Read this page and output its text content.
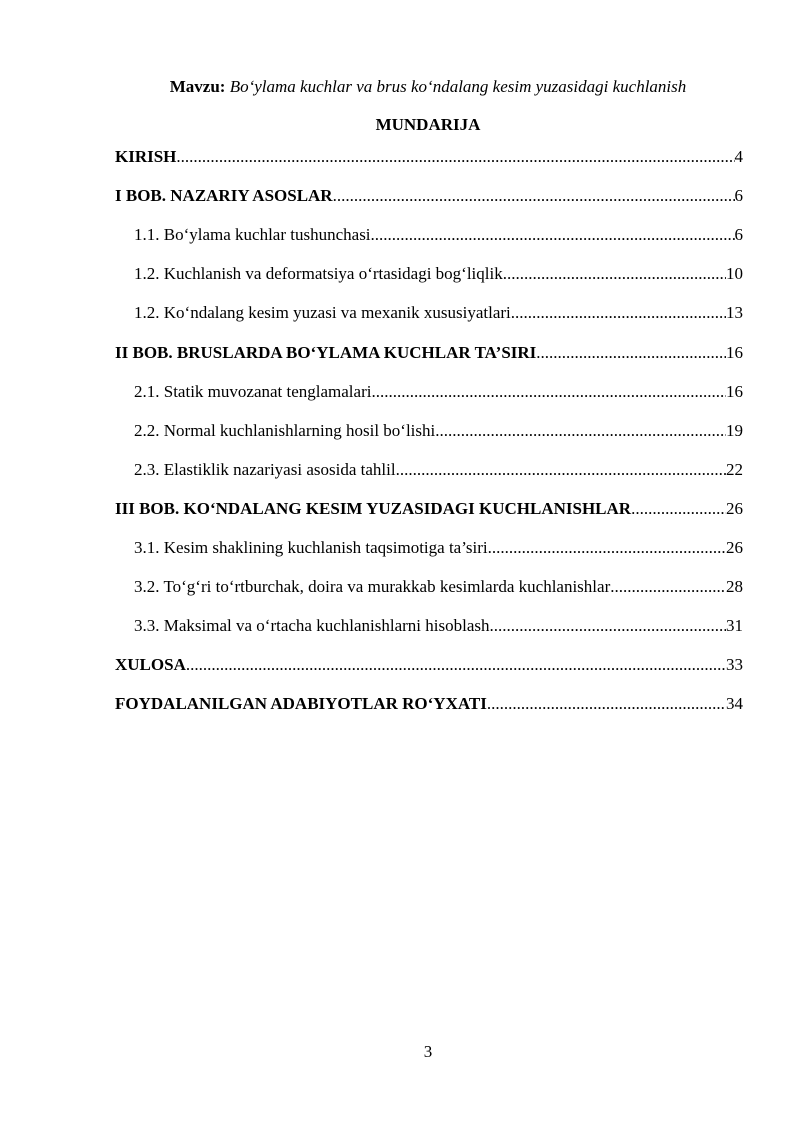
Mavzu: Bo‘ylama kuchlar va brus ko‘ndalang kesim yuzasidagi kuchlanish
MUNDARIJA
KIRISH .....	4
I BOB. NAZARIY ASOSLAR .....	6
1.1. Bo‘ylama kuchlar tushunchasi .....	6
1.2. Kuchlanish va deformatsiya o‘rtasidagi bog‘liqlik .....	10
1.2. Ko‘ndalang kesim yuzasi va mexanik xususiyatlari .....	13
II BOB. BRUSLARDA BO‘YLAMA KUCHLAR TA’SIRI .....	16
2.1. Statik muvozanat tenglamalari .....	16
2.2. Normal kuchlanishlarning hosil bo‘lishi .....	19
2.3. Elastiklik nazariyasi asosida tahlil .....	22
III BOB. KO‘NDALANG KESIM YUZASIDAGI KUCHLANISHLAR .....	26
3.1. Kesim shaklining kuchlanish taqsimotiga ta’siri .....	26
3.2. To‘g‘ri to‘rtburchak, doira va murakkab kesimlarda kuchlanishlar .....	28
3.3. Maksimal va o‘rtacha kuchlanishlarni hisoblash .....	31
XULOSA .....	33
FOYDALANILGAN ADABIYOTLAR RO‘YXATI .....	34
3
